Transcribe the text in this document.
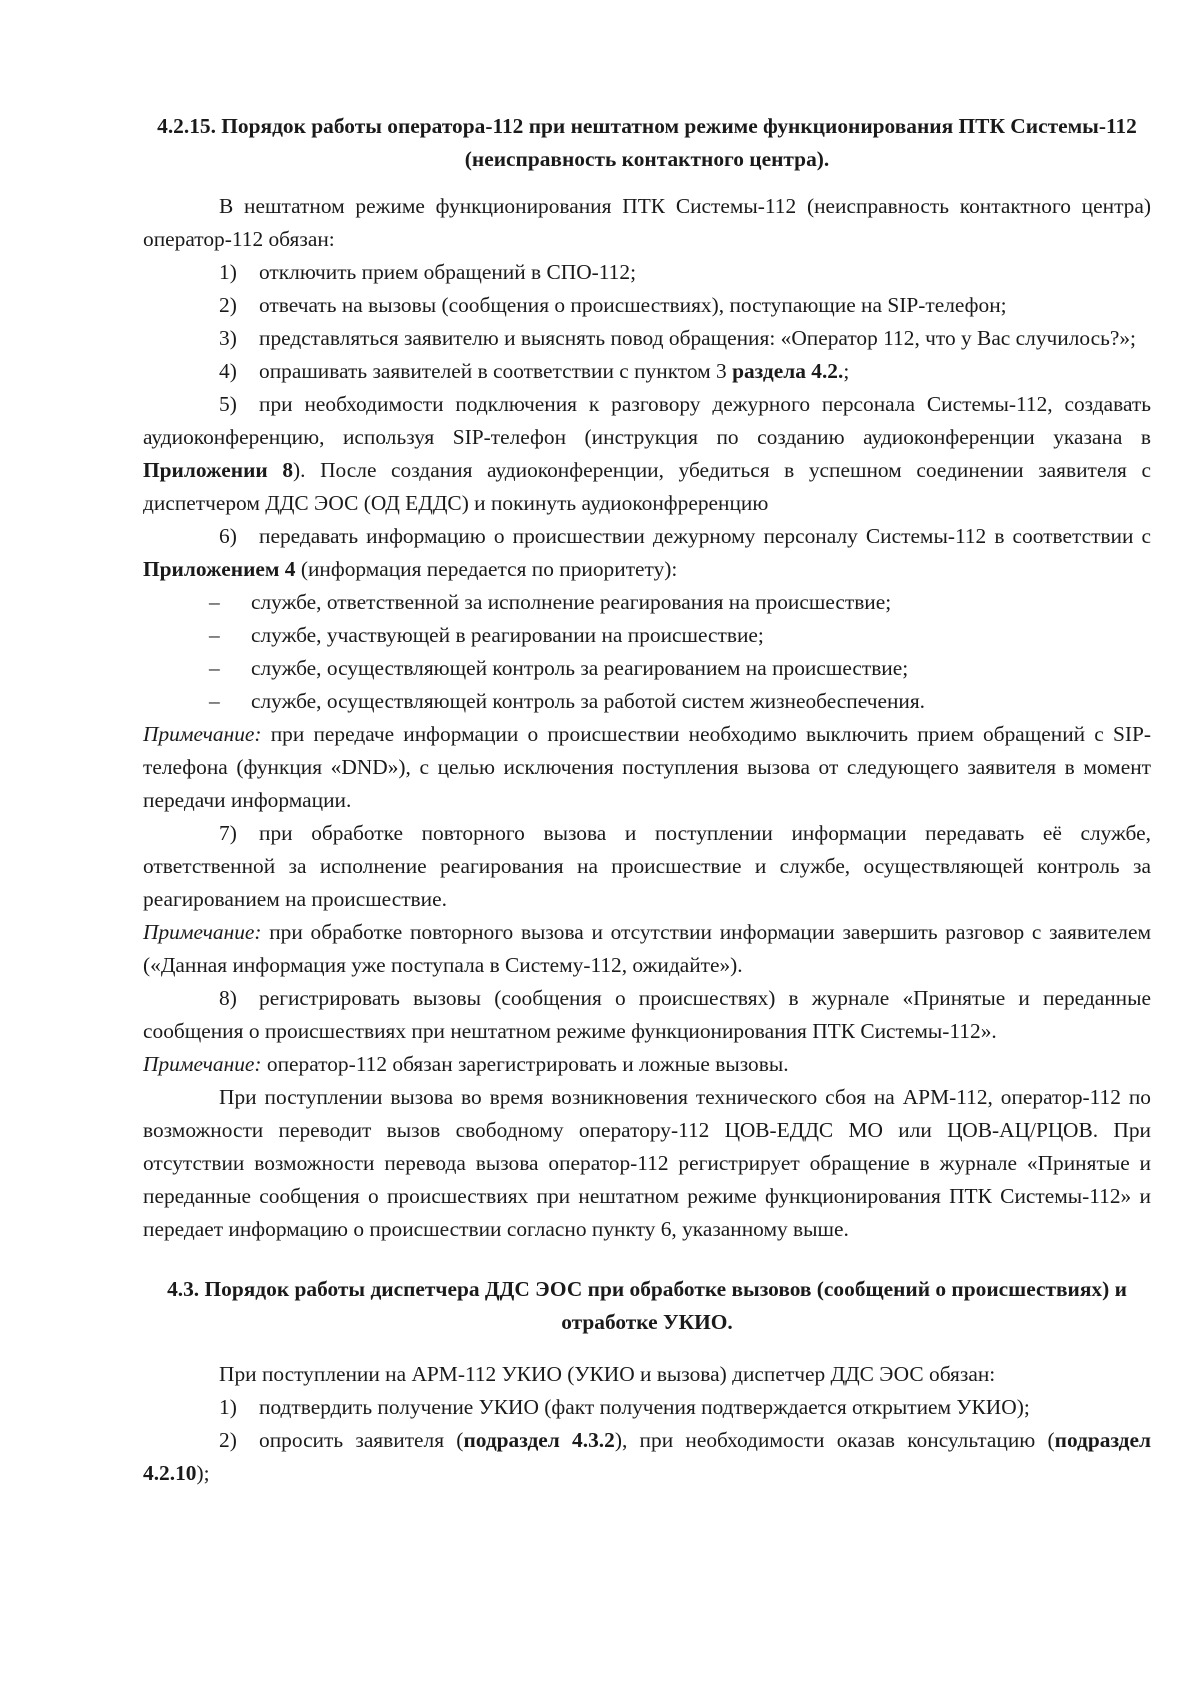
4.2.15. Порядок работы оператора-112 при нештатном режиме функционирования ПТК Системы-112 (неисправность контактного центра).

В нештатном режиме функционирования ПТК Системы-112 (неисправность контактного центра) оператор-112 обязан:

1) отключить прием обращений в СПО-112;

2) отвечать на вызовы (сообщения о происшествиях), поступающие на SIP-телефон;

3) представляться заявителю и выяснять повод обращения: «Оператор 112, что у Вас случилось?»;

4) опрашивать заявителей в соответствии с пунктом 3 раздела 4.2.;

5) при необходимости подключения к разговору дежурного персонала Системы-112, создавать аудиоконференцию, используя SIP-телефон (инструкция по созданию аудиоконференции указана в Приложении 8). После создания аудиоконференции, убедиться в успешном соединении заявителя с диспетчером ДДС ЭОС (ОД ЕДДС) и покинуть аудиоконфреренцию

6) передавать информацию о происшествии дежурному персоналу Системы-112 в соответствии с Приложением 4 (информация передается по приоритету):

– службе, ответственной за исполнение реагирования на происшествие;

– службе, участвующей в реагировании на происшествие;

– службе, осуществляющей контроль за реагированием на происшествие;

– службе, осуществляющей контроль за работой систем жизнеобеспечения.

Примечание: при передаче информации о происшествии необходимо выключить прием обращений с SIP-телефона (функция «DND»), с целью исключения поступления вызова от следующего заявителя в момент передачи информации.

7) при обработке повторного вызова и поступлении информации передавать её службе, ответственной за исполнение реагирования на происшествие и службе, осуществляющей контроль за реагированием на происшествие.

Примечание: при обработке повторного вызова и отсутствии информации завершить разговор с заявителем («Данная информация уже поступала в Систему-112, ожидайте»).

8) регистрировать вызовы (сообщения о происшествях) в журнале «Принятые и переданные сообщения о происшествиях при нештатном режиме функционирования ПТК Системы-112».

Примечание: оператор-112 обязан зарегистрировать и ложные вызовы.

При поступлении вызова во время возникновения технического сбоя на АРМ-112, оператор-112 по возможности переводит вызов свободному оператору-112 ЦОВ-ЕДДС МО или ЦОВ-АЦ/РЦОВ. При отсутствии возможности перевода вызова оператор-112 регистрирует обращение в журнале «Принятые и переданные сообщения о происшествиях при нештатном режиме функционирования ПТК Системы-112» и передает информацию о происшествии согласно пункту 6, указанному выше.

4.3. Порядок работы диспетчера ДДС ЭОС при обработке вызовов (сообщений о происшествиях) и отработке УКИО.

При поступлении на АРМ-112 УКИО (УКИО и вызова) диспетчер ДДС ЭОС обязан:

1) подтвердить получение УКИО (факт получения подтверждается открытием УКИО);

2) опросить заявителя (подраздел 4.3.2), при необходимости оказав консультацию (подраздел 4.2.10);
